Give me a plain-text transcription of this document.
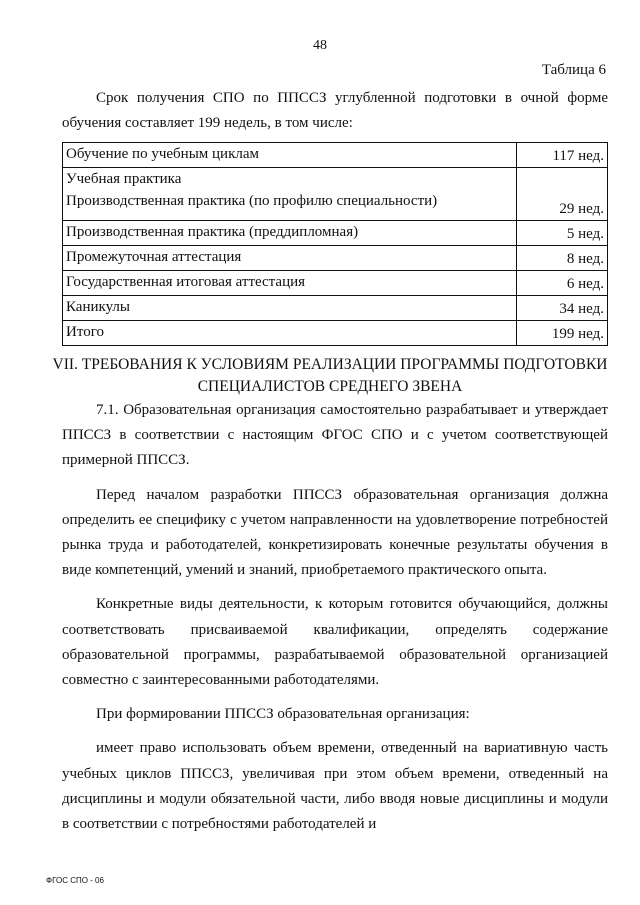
48
Таблица 6

Срок получения СПО по ППССЗ углубленной подготовки в очной форме обучения составляет 199 недель, в том числе:

Обучение по учебным циклам	117 нед.

Учебная практика
Производственная практика (по профилю специальности)	29 нед.
Производственная практика (преддипломная)	5 нед.
Промежуточная аттестация	8 нед.
Государственная итоговая аттестация	6 нед.
Каникулы	34 нед.
Итого	199 нед.
VII. ТРЕБОВАНИЯ К УСЛОВИЯМ РЕАЛИЗАЦИИ ПРОГРАММЫ ПОДГОТОВКИ
СПЕЦИАЛИСТОВ СРЕДНЕГО ЗВЕНА

7.1. Образовательная организация самостоятельно разрабатывает и утверждает ППССЗ в соответствии с настоящим ФГОС СПО и с учетом соответствующей примерной ППССЗ.

Перед началом разработки ППССЗ образовательная организация должна определить ее специфику с учетом направленности на удовлетворение потребностей рынка труда и работодателей, конкретизировать конечные результаты обучения в виде компетенций, умений и знаний, приобретаемого практического опыта.

Конкретные виды деятельности, к которым готовится обучающийся, должны соответствовать присваиваемой квалификации, определять содержание образовательной программы, разрабатываемой образовательной организацией совместно с заинтересованными работодателями.

При формировании ППССЗ образовательная организация:

имеет право использовать объем времени, отведенный на вариативную часть учебных циклов ППССЗ, увеличивая при этом объем времени, отведенный на дисциплины и модули обязательной части, либо вводя новые дисциплины и модули в соответствии с потребностями работодателей и

ФГОС СПО - 06
